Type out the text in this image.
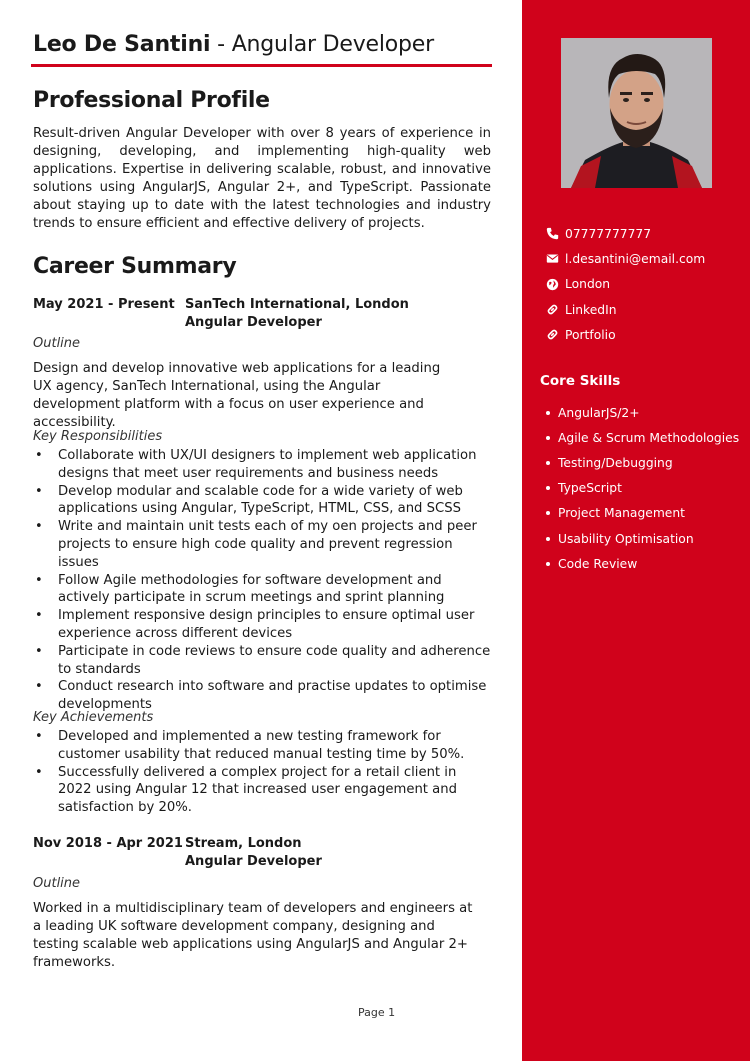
Leo De Santini - Angular Developer
Professional Profile

Result-driven Angular Developer with over 8 years of experience in designing, developing, and implementing high-quality web applications. Expertise in delivering scalable, robust, and innovative solutions using AngularJS, Angular 2+, and TypeScript. Passionate about staying up to date with the latest technologies and industry trends to ensure efficient and effective delivery of projects.

Career Summary
May 2021 - Present SanTech International, London
Angular Developer
Outline

Design and develop innovative web applications for a leading UX agency, SanTech International, using the Angular development platform with a focus on user experience and accessibility.

Key Responsibilities
• Collaborate with UX/UI designers to implement web application designs that meet user requirements and business needs
• Develop modular and scalable code for a wide variety of web applications using Angular, TypeScript, HTML, CSS, and SCSS
• Write and maintain unit tests each of my oen projects and peer projects to ensure high code quality and prevent regression issues
• Follow Agile methodologies for software development and actively participate in scrum meetings and sprint planning
• Implement responsive design principles to ensure optimal user experience across different devices
• Participate in code reviews to ensure code quality and adherence to standards
• Conduct research into software and practise updates to optimise developments
Key Achievements
• Developed and implemented a new testing framework for customer usability that reduced manual testing time by 50%.
• Successfully delivered a complex project for a retail client in 2022 using Angular 12 that increased user engagement and satisfaction by 20%.
Nov 2018 - Apr 2021 Stream, London
Angular Developer
Outline

Worked in a multidisciplinary team of developers and engineers at a leading UK software development company, designing and testing scalable web applications using AngularJS and Angular 2+ frameworks.

Page 1
07777777777
l.desantini@email.com
London
LinkedIn
Portfolio
Core Skills
AngularJS/2+
Agile & Scrum Methodologies
Testing/Debugging
TypeScript
Project Management
Usability Optimisation
Code Review
